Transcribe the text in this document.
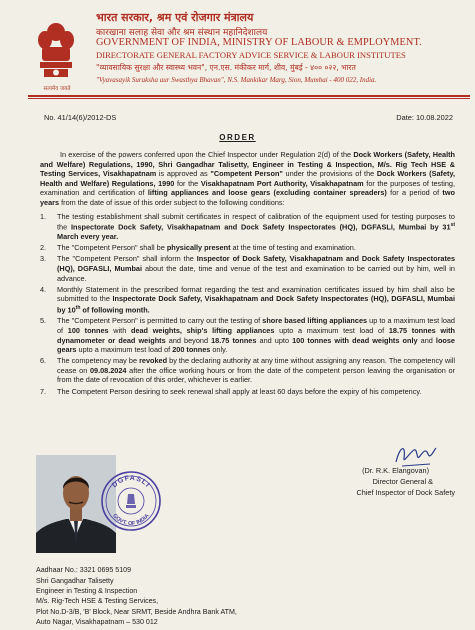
सत्यमेव जयते
भारत सरकार, श्रम एवं रोजगार मंत्रालय
कारखाना सलाह सेवा और श्रम संस्थान महानिदेशालय
GOVERNMENT OF INDIA, MINISTRY OF LABOUR & EMPLOYMENT.
DIRECTORATE GENERAL FACTORY ADVICE SERVICE & LABOUR INSTITUTES
"व्यावसायिक सुरक्षा और स्वास्थ्य भवन", एन.एस. मंकीकर मार्ग, शीव, मुंबई - ४०० ०२२, भारत
"Vyavasayik Suraksha aur Swasthya Bhavan", N.S. Mankikar Marg, Sion, Mumbai - 400 022, India.
No. 41/14(6)/2012-DS	Date: 10.08.2022
ORDER

In exercise of the powers conferred upon the Chief Inspector under Regulation 2(d) of the Dock Workers (Safety, Health and Welfare) Regulations, 1990, Shri Gangadhar Talisetty, Engineer in Testing & Inspection, M/s. Rig Tech HSE & Testing Services, Visakhapatnam is approved as "Competent Person" under the provisions of the Dock Workers (Safety, Health and Welfare) Regulations, 1990 for the Visakhapatnam Port Authority, Visakhapatnam for the purposes of testing, examination and certification of lifting appliances and loose gears (excluding container spreaders) for a period of two years from the date of issue of this order subject to the following conditions:

1. The testing establishment shall submit certificates in respect of calibration of the equipment used for testing purposes to the Inspectorate Dock Safety, Visakhapatnam and Dock Safety Inspectorates (HQ), DGFASLI, Mumbai by 31st March every year.
2. The "Competent Person" shall be physically present at the time of testing and examination.
3. The "Competent Person" shall inform the Inspector of Dock Safety, Visakhapatnam and Dock Safety Inspectorates (HQ), DGFASLI, Mumbai about the date, time and venue of the test and examination to be carried out by him, well in advance.
4. Monthly Statement in the prescribed format regarding the test and examination certificates issued by him shall also be submitted to the Inspectorate Dock Safety, Visakhapatnam and Dock Safety Inspectorates (HQ), DGFASLI, Mumbai by 10th of following month.
5. The "Competent Person" is permitted to carry out the testing of shore based lifting appliances up to a maximum test load of 100 tonnes with dead weights, ship's lifting appliances upto a maximum test load of 18.75 tonnes with dynamometer or dead weights and beyond 18.75 tonnes and upto 100 tonnes with dead weights only and loose gears upto a maximum test load of 200 tonnes only.
6. The competency may be revoked by the declaring authority at any time without assigning any reason. The competency will cease on 09.08.2024 after the office working hours or from the date of the competent person leaving the organisation or from the date of revocation of this order, whichever is earlier.
7. The Competent Person desiring to seek renewal shall apply at least 60 days before the expiry of his competency.
(Dr. R.K. Elangovan)
Director General &
Chief Inspector of Dock Safety
DGFASLI
GOVT. OF INDIA
Aadhaar No.: 3321 0695 5109
Shri Gangadhar Talisetty
Engineer in Testing & Inspection
M/s. Rig-Tech HSE & Testing Services,
Plot No.D-3/B, 'B' Block, Near SRMT, Beside Andhra Bank ATM,
Auto Nagar, Visakhapatnam – 530 012
